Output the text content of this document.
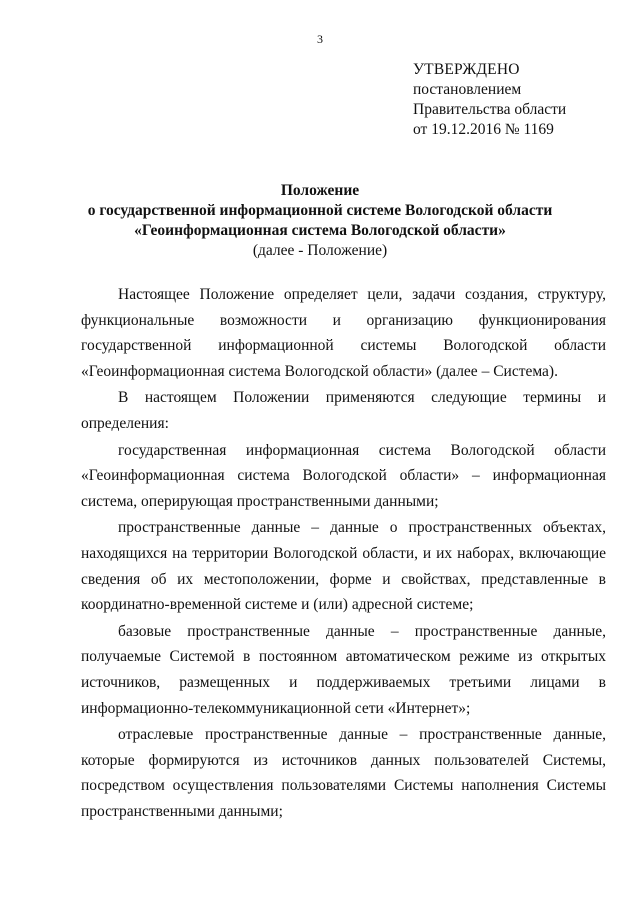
3
УТВЕРЖДЕНО
постановлением
Правительства области
от 19.12.2016 № 1169
Положение
о государственной информационной системе Вологодской области
«Геоинформационная система Вологодской области»
(далее - Положение)

Настоящее Положение определяет цели, задачи создания, структуру, функциональные возможности и организацию функционирования государственной информационной системы Вологодской области «Геоинформационная система Вологодской области» (далее – Система).

В настоящем Положении применяются следующие термины и определения:

государственная информационная система Вологодской области «Геоинформационная система Вологодской области» – информационная система, оперирующая пространственными данными;

пространственные данные – данные о пространственных объектах, находящихся на территории Вологодской области, и их наборах, включающие сведения об их местоположении, форме и свойствах, представленные в координатно-временной системе и (или) адресной системе;

базовые пространственные данные – пространственные данные, получаемые Системой в постоянном автоматическом режиме из открытых источников, размещенных и поддерживаемых третьими лицами в информационно-телекоммуникационной сети «Интернет»;

отраслевые пространственные данные – пространственные данные, которые формируются из источников данных пользователей Системы, посредством осуществления пользователями Системы наполнения Системы пространственными данными;
